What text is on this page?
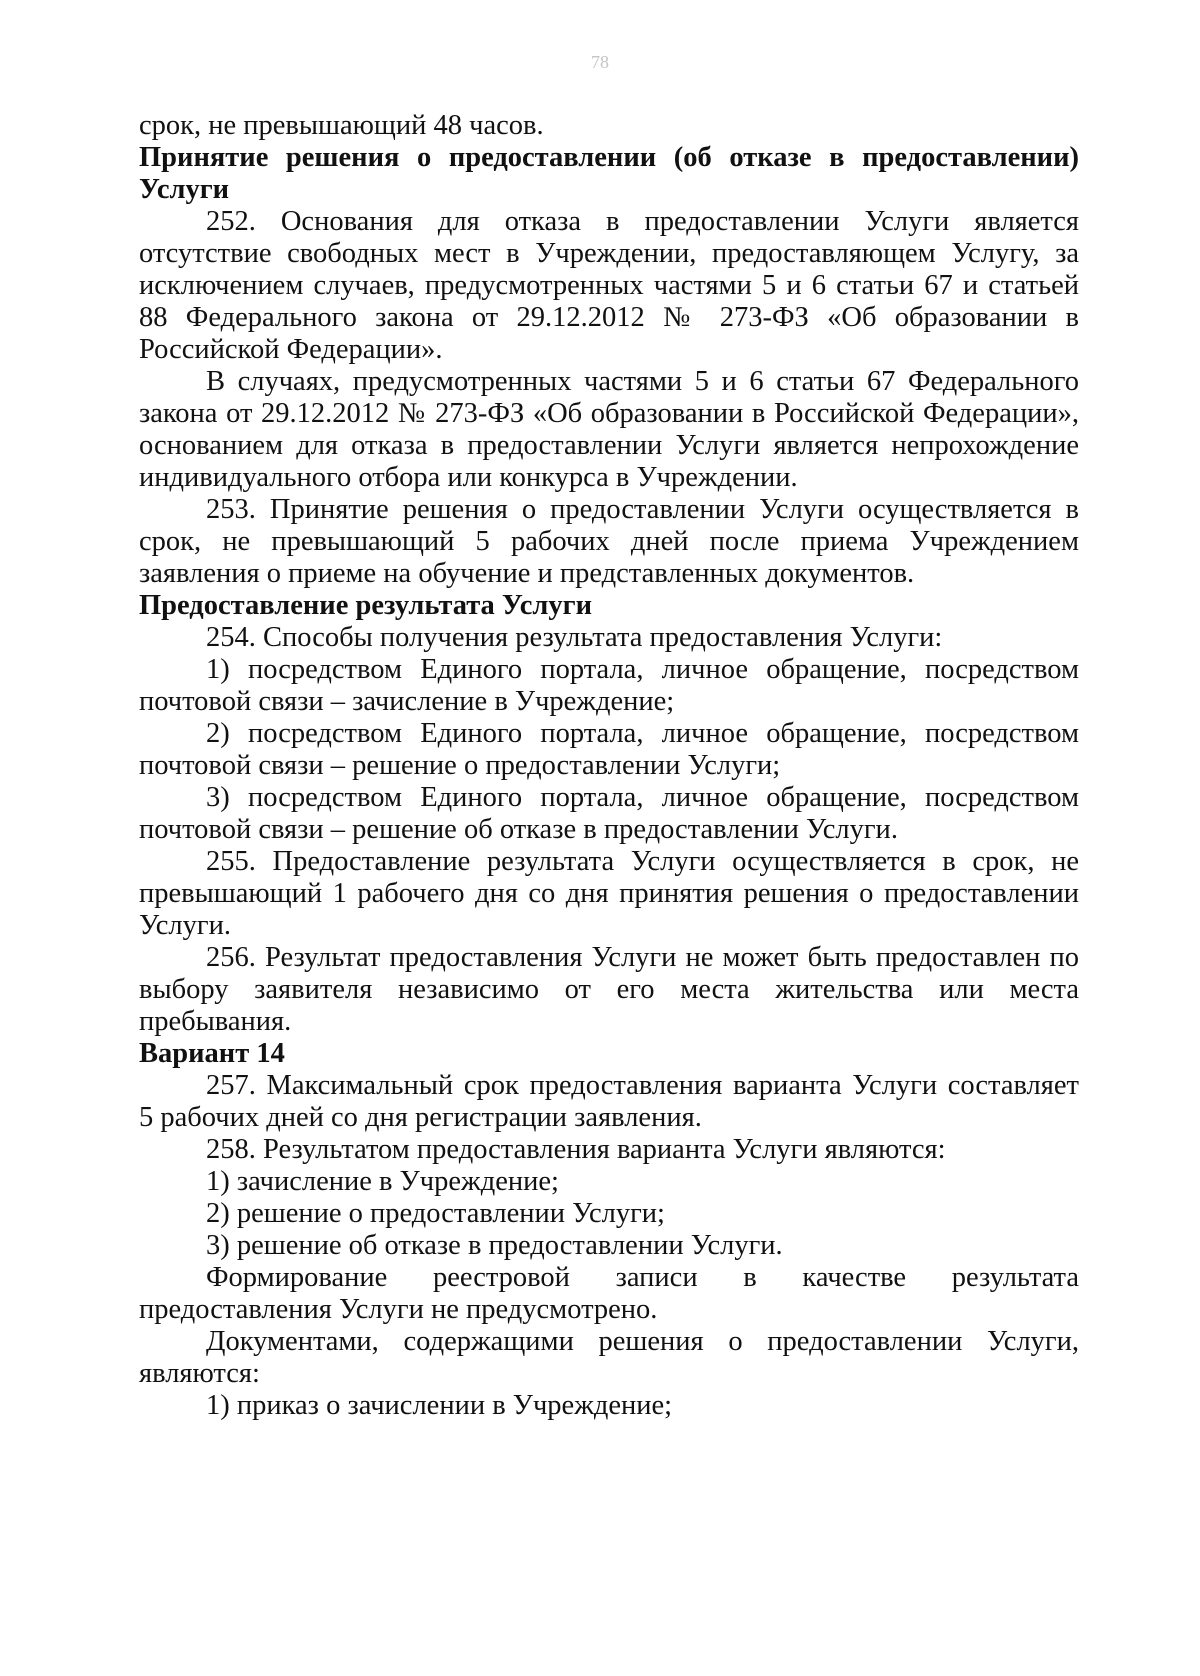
78

срок, не превышающий 48 часов.

Принятие решения о предоставлении (об отказе в предоставлении) Услуги

252. Основания для отказа в предоставлении Услуги является отсутствие свободных мест в Учреждении, предоставляющем Услугу, за исключением случаев, предусмотренных частями 5 и 6 статьи 67 и статьей 88 Федерального закона от 29.12.2012 № 273-ФЗ «Об образовании в Российской Федерации».

В случаях, предусмотренных частями 5 и 6 статьи 67 Федерального закона от 29.12.2012 № 273-ФЗ «Об образовании в Российской Федерации», основанием для отказа в предоставлении Услуги является непрохождение индивидуального отбора или конкурса в Учреждении.

253. Принятие решения о предоставлении Услуги осуществляется в срок, не превышающий 5 рабочих дней после приема Учреждением заявления о приеме на обучение и представленных документов.

Предоставление результата Услуги

254. Способы получения результата предоставления Услуги:

1) посредством Единого портала, личное обращение, посредством почтовой связи – зачисление в Учреждение;

2) посредством Единого портала, личное обращение, посредством почтовой связи – решение о предоставлении Услуги;

3) посредством Единого портала, личное обращение, посредством почтовой связи – решение об отказе в предоставлении Услуги.

255. Предоставление результата Услуги осуществляется в срок, не превышающий 1 рабочего дня со дня принятия решения о предоставлении Услуги.

256. Результат предоставления Услуги не может быть предоставлен по выбору заявителя независимо от его места жительства или места пребывания.

Вариант 14

257. Максимальный срок предоставления варианта Услуги составляет 5 рабочих дней со дня регистрации заявления.

258. Результатом предоставления варианта Услуги являются:

1) зачисление в Учреждение;

2) решение о предоставлении Услуги;

3) решение об отказе в предоставлении Услуги.

Формирование реестровой записи в качестве результата предоставления Услуги не предусмотрено.

Документами, содержащими решения о предоставлении Услуги, являются:

1) приказ о зачислении в Учреждение;
